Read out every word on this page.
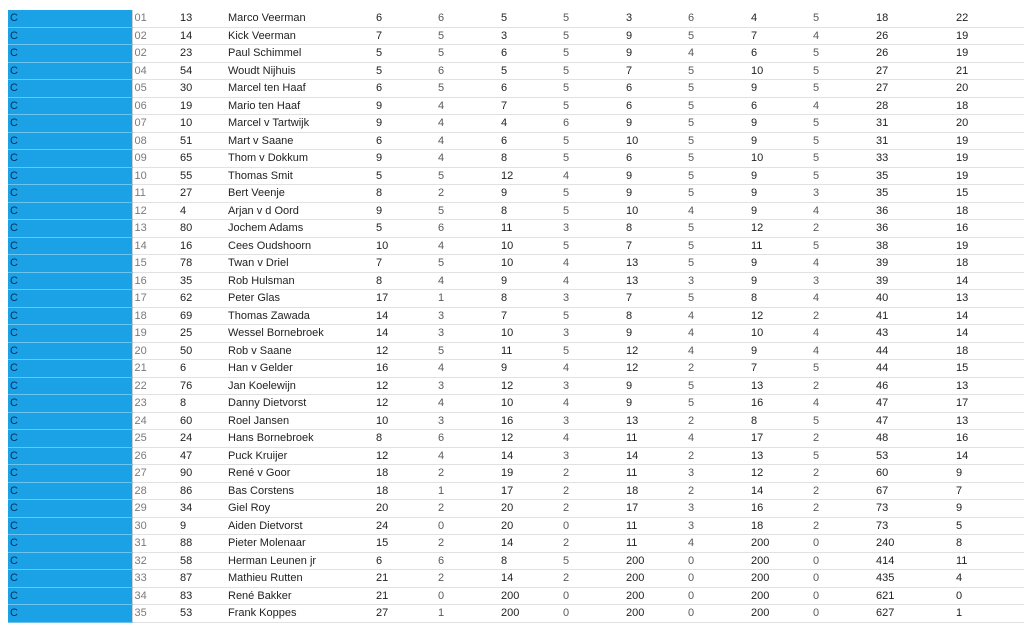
C	01	13	Marco Veerman	6	6	5	5	3	6	4	5	18	22
C	02	14	Kick Veerman	7	5	3	5	9	5	7	4	26	19
C	02	23	Paul Schimmel	5	5	6	5	9	4	6	5	26	19
C	04	54	Woudt Nijhuis	5	6	5	5	7	5	10	5	27	21
C	05	30	Marcel ten Haaf	6	5	6	5	6	5	9	5	27	20
C	06	19	Mario ten Haaf	9	4	7	5	6	5	6	4	28	18
C	07	10	Marcel v Tartwijk	9	4	4	6	9	5	9	5	31	20
C	08	51	Mart v Saane	6	4	6	5	10	5	9	5	31	19
C	09	65	Thom v Dokkum	9	4	8	5	6	5	10	5	33	19
C	10	55	Thomas Smit	5	5	12	4	9	5	9	5	35	19
C	11	27	Bert Veenje	8	2	9	5	9	5	9	3	35	15
C	12	4	Arjan v d Oord	9	5	8	5	10	4	9	4	36	18
C	13	80	Jochem Adams	5	6	11	3	8	5	12	2	36	16
C	14	16	Cees Oudshoorn	10	4	10	5	7	5	11	5	38	19
C	15	78	Twan v Driel	7	5	10	4	13	5	9	4	39	18
C	16	35	Rob Hulsman	8	4	9	4	13	3	9	3	39	14
C	17	62	Peter Glas	17	1	8	3	7	5	8	4	40	13
C	18	69	Thomas Zawada	14	3	7	5	8	4	12	2	41	14
C	19	25	Wessel Bornebroek	14	3	10	3	9	4	10	4	43	14
C	20	50	Rob v Saane	12	5	11	5	12	4	9	4	44	18
C	21	6	Han v Gelder	16	4	9	4	12	2	7	5	44	15
C	22	76	Jan Koelewijn	12	3	12	3	9	5	13	2	46	13
C	23	8	Danny Dietvorst	12	4	10	4	9	5	16	4	47	17
C	24	60	Roel Jansen	10	3	16	3	13	2	8	5	47	13
C	25	24	Hans Bornebroek	8	6	12	4	11	4	17	2	48	16
C	26	47	Puck Kruijer	12	4	14	3	14	2	13	5	53	14
C	27	90	René v Goor	18	2	19	2	11	3	12	2	60	9
C	28	86	Bas Corstens	18	1	17	2	18	2	14	2	67	7
C	29	34	Giel Roy	20	2	20	2	17	3	16	2	73	9
C	30	9	Aiden Dietvorst	24	0	20	0	11	3	18	2	73	5
C	31	88	Pieter Molenaar	15	2	14	2	11	4	200	0	240	8
C	32	58	Herman Leunen jr	6	6	8	5	200	0	200	0	414	11
C	33	87	Mathieu Rutten	21	2	14	2	200	0	200	0	435	4
C	34	83	René Bakker	21	0	200	0	200	0	200	0	621	0
C	35	53	Frank Koppes	27	1	200	0	200	0	200	0	627	1
